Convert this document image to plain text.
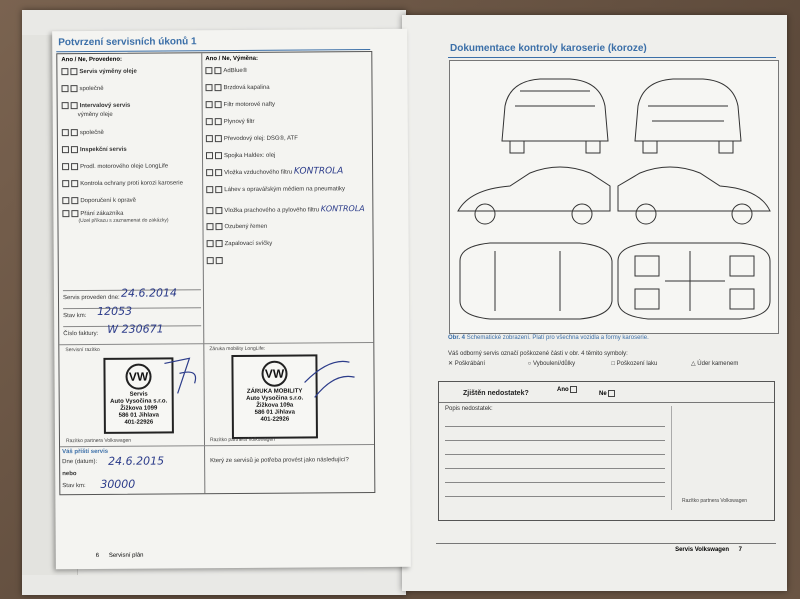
Dokumentace kontroly karoserie (koroze)
Obr. 4 Schematické zobrazení. Platí pro všechna vozidla a formy karoserie.
Váš odborný servis označí poškozené části v obr. 4 těmito symboly:
✕ Poškrábání	○ Vyboulení/důlky	□ Poškození laku	△ Úder kamenem
Zjištěn nedostatek?	Ano
Ne
Popis nedostatek:
Razítko partnera Volkswagen
Servis Volkswagen 7
Potvrzení servisních úkonů 1
Ano / Ne, Provedeno:	Ano / Ne, Výměna:
Servis výměny oleje
společně
Intervalový servis
výměny oleje
společně
Inspekční servis
Prodl. motorového oleje LongLife
Kontrola ochrany proti korozi karoserie
Doporučení k opravě
Přání zákazníka
(Uzel příkazu s zaznamenat do zakázky)
AdBlue®
Brzdová kapalina
Filtr motorové nafty
Plynový filtr
Převodový olej: DSG®, ATF
Spojka Haldex: olej
Vložka vzduchového filtru KONTROLA
Láhev s opravářským médiem na pneumatiky
Vložka prachového a pylového filtru KONTROLA
Ozubený řemen
Zapalovací svíčky
Servis proveden dne: 24.6.2014
Stav km: 12053
Číslo faktury: W 230671
Servisní razítko	Záruka mobility LongLife:
VW
Servis
Auto Vysočina s.r.o.
Žižkova 1099
586 01 Jihlava
401-22926
VW
ZÁRUKA MOBILITY
Auto Vysočina s.r.o.
Žižkova 109a
586 01 Jihlava
401-22926
Razítko partnera Volkswagen
Razítko partnera Volkswagen
Váš příští servis
Dne (datum): 24.6.2015
nebo
Stav km: 30000
Který ze servisů je potřeba provést jako následující?
6 Servisní plán
